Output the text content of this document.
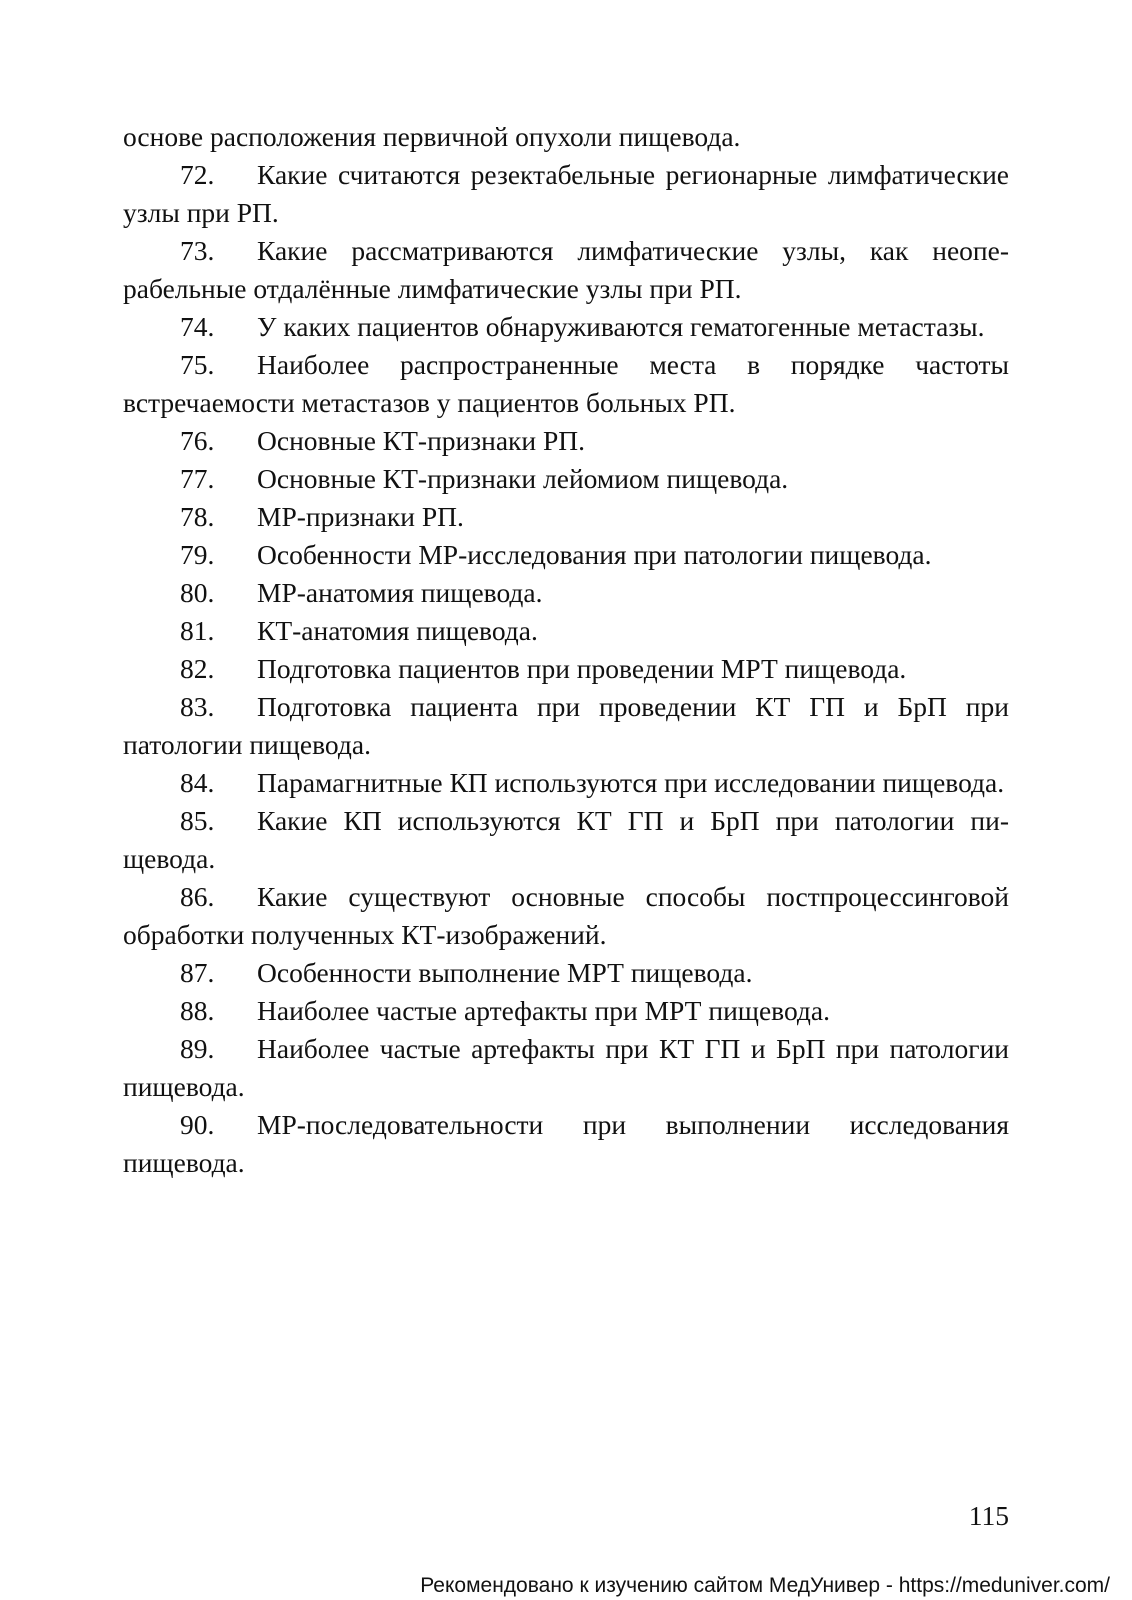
основе расположения первичной опухоли пищевода.

72. Какие считаются резектабельные регионарные лимфатические узлы при РП.

73. Какие рассматриваются лимфатические узлы, как неоперабельные отдалённые лимфатические узлы при РП.

74. У каких пациентов обнаруживаются гематогенные метастазы.

75. Наиболее распространенные места в порядке частоты встречаемости метастазов у пациентов больных РП.

76. Основные КТ-признаки РП.

77. Основные КТ-признаки лейомиом пищевода.

78. МР-признаки РП.

79. Особенности МР-исследования при патологии пищевода.

80. МР-анатомия пищевода.

81. КТ-анатомия пищевода.

82. Подготовка пациентов при проведении МРТ пищевода.

83. Подготовка пациента при проведении КТ ГП и БрП при патологии пищевода.

84. Парамагнитные КП используются при исследовании пищевода.

85. Какие КП используются КТ ГП и БрП при патологии пищевода.

86. Какие существуют основные способы постпроцессинговой обработки полученных КТ-изображений.

87. Особенности выполнение МРТ пищевода.

88. Наиболее частые артефакты при МРТ пищевода.

89. Наиболее частые артефакты при КТ ГП и БрП при патологии пищевода.

90. МР-последовательности при выполнении исследования пищевода.

115
Рекомендовано к изучению сайтом МедУнивер - https://meduniver.com/
